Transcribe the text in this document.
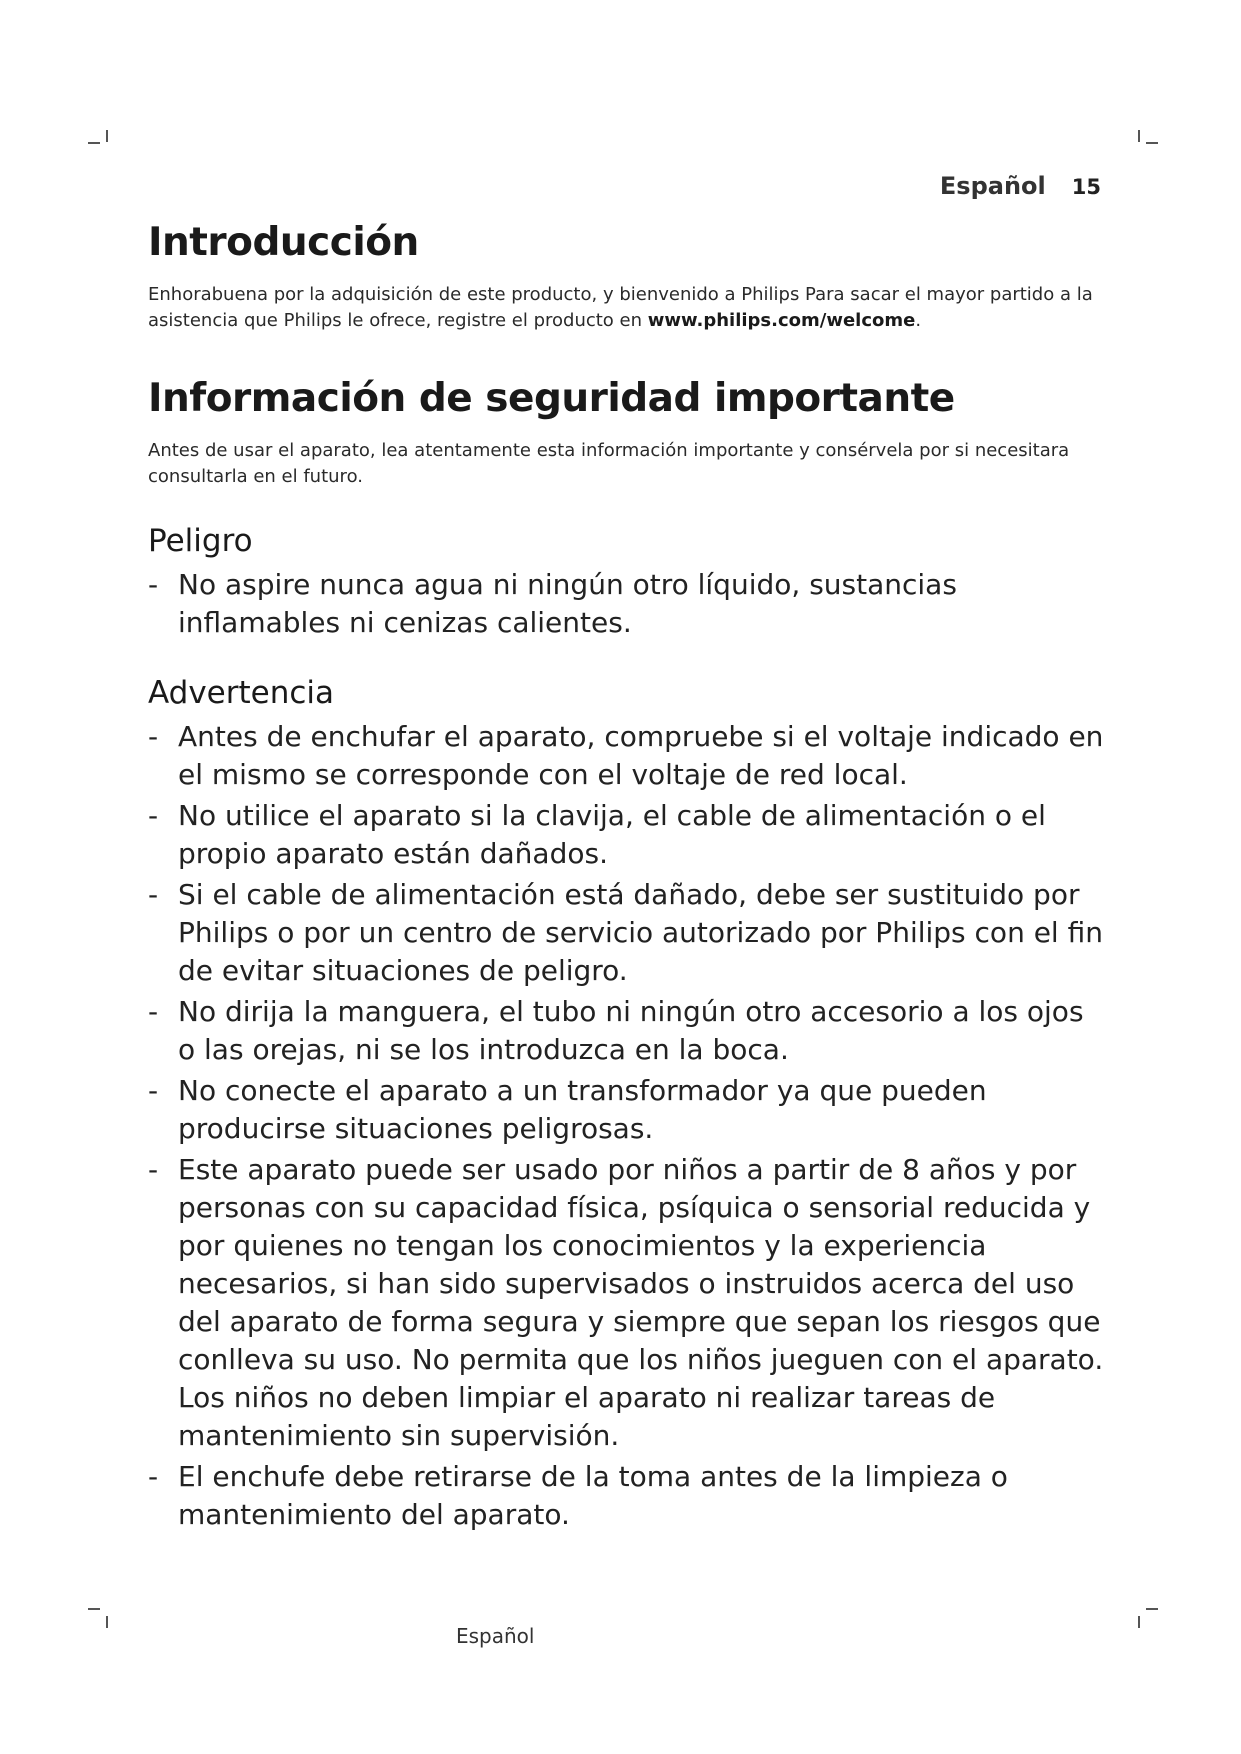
Español 15
Introducción

Enhorabuena por la adquisición de este producto, y bienvenido a Philips Para sacar el mayor partido a la asistencia que Philips le ofrece, registre el producto en www.philips.com/welcome.

Información de seguridad importante

Antes de usar el aparato, lea atentamente esta información importante y consérvela por si necesitara consultarla en el futuro.

Peligro
- No aspire nunca agua ni ningún otro líquido, sustancias inflamables ni cenizas calientes.
Advertencia
- Antes de enchufar el aparato, compruebe si el voltaje indicado en el mismo se corresponde con el voltaje de red local.
- No utilice el aparato si la clavija, el cable de alimentación o el propio aparato están dañados.
- Si el cable de alimentación está dañado, debe ser sustituido por Philips o por un centro de servicio autorizado por Philips con el fin de evitar situaciones de peligro.
- No dirija la manguera, el tubo ni ningún otro accesorio a los ojos o las orejas, ni se los introduzca en la boca.
- No conecte el aparato a un transformador ya que pueden producirse situaciones peligrosas.
- Este aparato puede ser usado por niños a partir de 8 años y por personas con su capacidad física, psíquica o sensorial reducida y por quienes no tengan los conocimientos y la experiencia necesarios, si han sido supervisados o instruidos acerca del uso del aparato de forma segura y siempre que sepan los riesgos que conlleva su uso. No permita que los niños jueguen con el aparato. Los niños no deben limpiar el aparato ni realizar tareas de mantenimiento sin supervisión.
- El enchufe debe retirarse de la toma antes de la limpieza o mantenimiento del aparato.
Español
